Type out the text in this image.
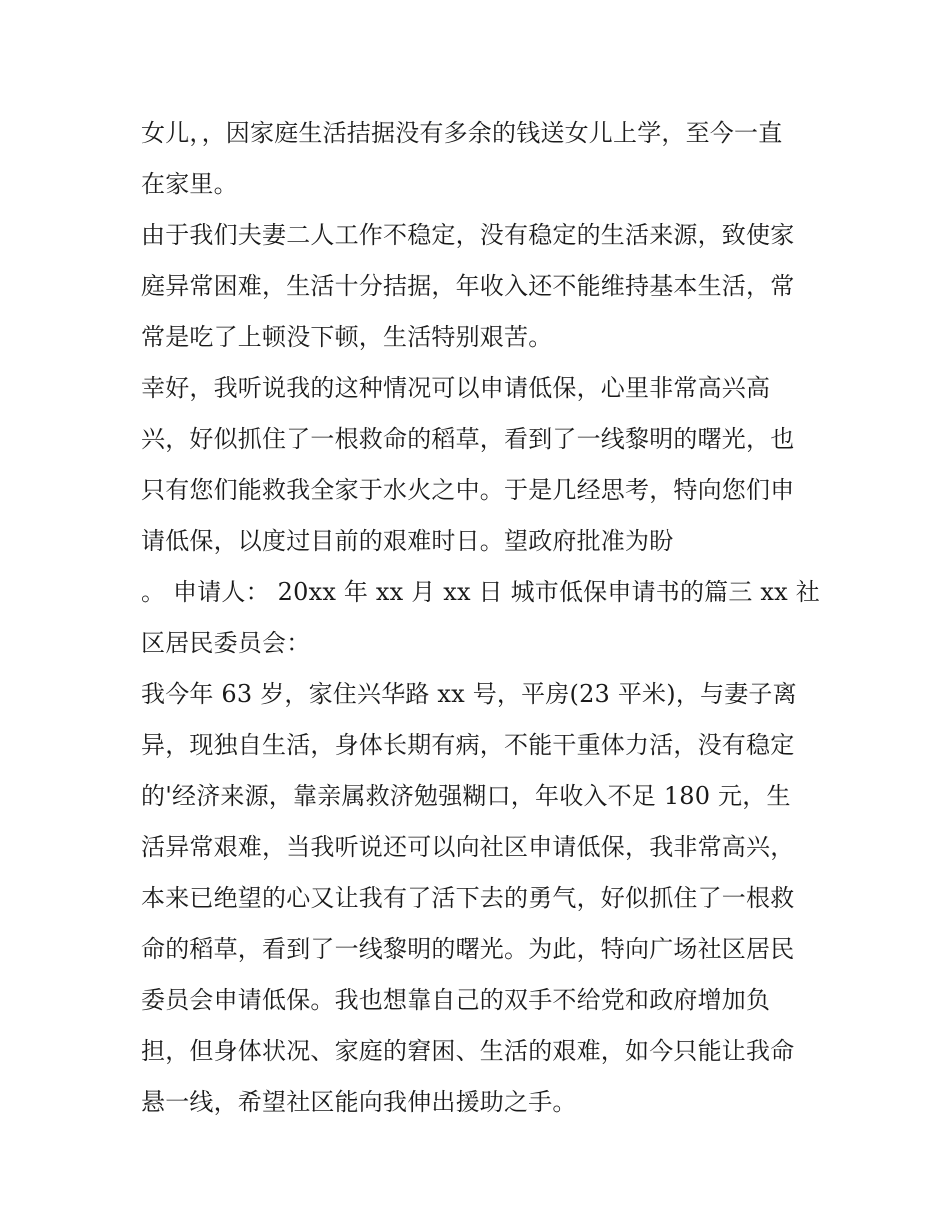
女儿，，因家庭生活拮据没有多余的钱送女儿上学，至今一直
在家里。
由于我们夫妻二人工作不稳定，没有稳定的生活来源，致使家
庭异常困难，生活十分拮据，年收入还不能维持基本生活，常
常是吃了上顿没下顿，生活特别艰苦。
幸好，我听说我的这种情况可以申请低保，心里非常高兴高
兴，好似抓住了一根救命的稻草，看到了一线黎明的曙光，也
只有您们能救我全家于水火之中。于是几经思考，特向您们申
请低保，以度过目前的艰难时日。望政府批准为盼
。 申请人： 20xx 年 xx 月 xx 日 城市低保申请书的篇三 xx 社
区居民委员会：
我今年 63 岁，家住兴华路 xx 号，平房(23 平米)，与妻子离
异，现独自生活，身体长期有病，不能干重体力活，没有稳定
的'经济来源，靠亲属救济勉强糊口，年收入不足 180 元，生
活异常艰难，当我听说还可以向社区申请低保，我非常高兴，
本来已绝望的心又让我有了活下去的勇气，好似抓住了一根救
命的稻草，看到了一线黎明的曙光。为此，特向广场社区居民
委员会申请低保。我也想靠自己的双手不给党和政府增加负
担，但身体状况、家庭的窘困、生活的艰难，如今只能让我命
悬一线，希望社区能向我伸出援助之手。
